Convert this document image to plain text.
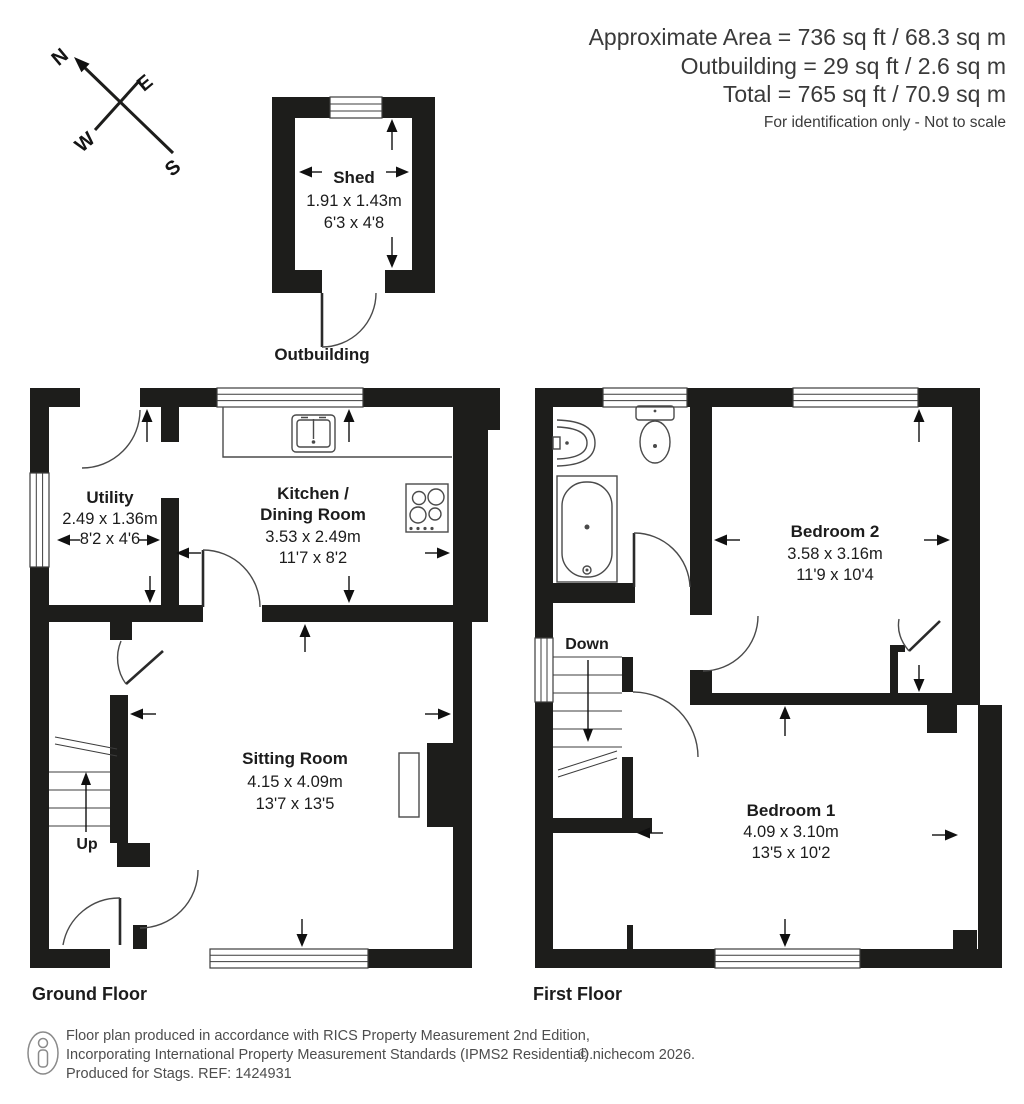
Approximate Area = 736 sq ft / 68.3 sq m
Outbuilding = 29 sq ft / 2.6 sq m
Total = 765 sq ft / 70.9 sq m
For identification only - Not to scale
N
E
W
S	Shed
1.91 x 1.43m
6'3 x 4'8
Outbuilding
Up
Utility
2.49 x 1.36m
8'2 x 4'6
Kitchen /
Dining Room
3.53 x 2.49m
11'7 x 8'2
Sitting Room
4.15 x 4.09m
13'7 x 13'5
Ground Floor
Down
Bedroom 2
3.58 x 3.16m
11'9 x 10'4
Bedroom 1
4.09 x 3.10m
13'5 x 10'2
First Floor
Floor plan produced in accordance with RICS Property Measurement 2nd Edition,
Incorporating International Property Measurement Standards (IPMS2 Residential).
Produced for Stags. REF: 1424931
© nichecom 2026.
